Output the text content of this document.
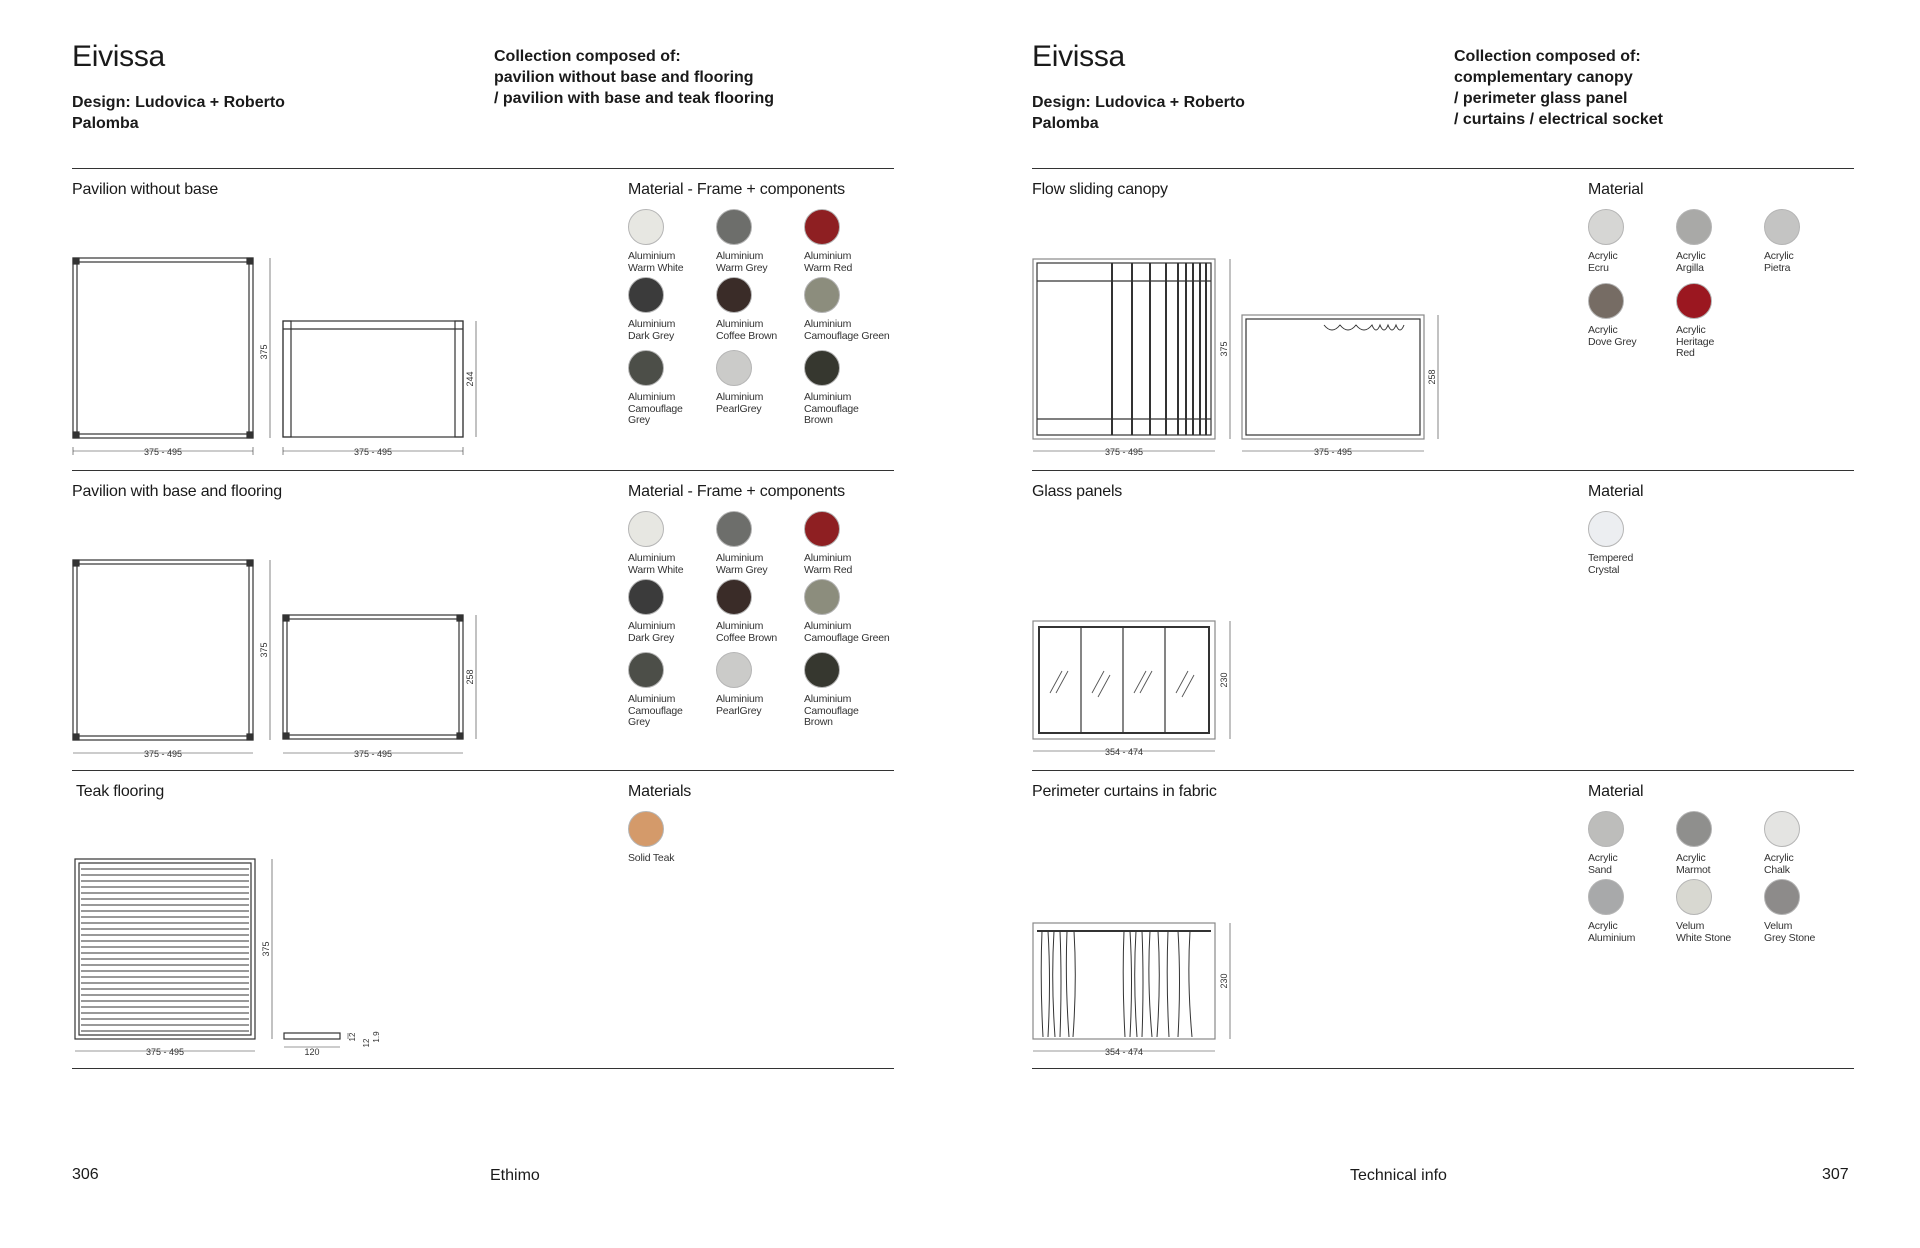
Eivissa
Design: Ludovica + Roberto Palomba
Collection composed of:
pavilion without base and flooring
/ pavilion with base and teak flooring
Pavilion without base	Material - Frame + components
375 - 495	375 - 495
375
244
Aluminium
Warm White
Aluminium
Warm Grey
Aluminium
Warm Red
Aluminium
Dark Grey
Aluminium
Coffee Brown
Aluminium
Camouflage Green
Aluminium
Camouflage
Grey
Aluminium
PearlGrey
Aluminium
Camouflage
Brown
Pavilion with base and flooring	Material - Frame + components
375 - 495	375 - 495
375
258
Aluminium
Warm White
Aluminium
Warm Grey
Aluminium
Warm Red
Aluminium
Dark Grey
Aluminium
Coffee Brown
Aluminium
Camouflage Green
Aluminium
Camouflage
Grey
Aluminium
PearlGrey
Aluminium
Camouflage
Brown
Teak flooring	Materials
375 - 495
375
120
12
12
1.9
Solid Teak
306	Ethimo
Eivissa
Design: Ludovica + Roberto Palomba
Collection composed of:
complementary canopy
/ perimeter glass panel
/ curtains / electrical socket
Flow sliding canopy	Material
375 - 495	375 - 495
375
258
Acrylic
Ecru
Acrylic
Argilla
Acrylic
Pietra
Acrylic
Dove Grey
Acrylic
Heritage
Red
Glass panels	Material
354 - 474
230
Tempered
Crystal
Perimeter curtains in fabric	Material
354 - 474
230
Acrylic
Sand
Acrylic
Marmot
Acrylic
Chalk
Acrylic
Aluminium
Velum
White Stone
Velum
Grey Stone
Technical info	307
